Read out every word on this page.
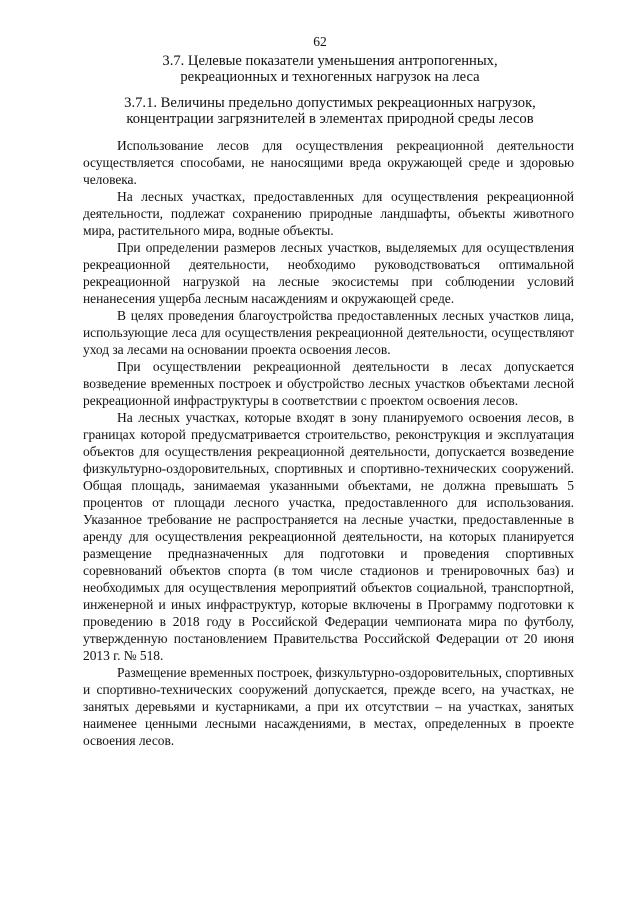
62
3.7. Целевые показатели уменьшения антропогенных,
рекреационных и техногенных нагрузок на леса
3.7.1. Величины предельно допустимых рекреационных нагрузок,
концентрации загрязнителей в элементах природной среды лесов

Использование лесов для осуществления рекреационной деятельности осуществляется способами, не наносящими вреда окружающей среде и здоровью человека.

На лесных участках, предоставленных для осуществления рекреационной деятельности, подлежат сохранению природные ландшафты, объекты животного мира, растительного мира, водные объекты.

При определении размеров лесных участков, выделяемых для осуществления рекреационной деятельности, необходимо руководствоваться оптимальной рекреационной нагрузкой на лесные экосистемы при соблюдении условий ненанесения ущерба лесным насаждениям и окружающей среде.

В целях проведения благоустройства предоставленных лесных участков лица, использующие леса для осуществления рекреационной деятельности, осуществляют уход за лесами на основании проекта освоения лесов.

При осуществлении рекреационной деятельности в лесах допускается возведение временных построек и обустройство лесных участков объектами лесной рекреационной инфраструктуры в соответствии с проектом освоения лесов.

На лесных участках, которые входят в зону планируемого освоения лесов, в границах которой предусматривается строительство, реконструкция и эксплуатация объектов для осуществления рекреационной деятельности, допускается возведение физкультурно-оздоровительных, спортивных и спортивно-технических сооружений. Общая площадь, занимаемая указанными объектами, не должна превышать 5 процентов от площади лесного участка, предоставленного для использования. Указанное требование не распространяется на лесные участки, предоставленные в аренду для осуществления рекреационной деятельности, на которых планируется размещение предназначенных для подготовки и проведения спортивных соревнований объектов спорта (в том числе стадионов и тренировочных баз) и необходимых для осуществления мероприятий объектов социальной, транспортной, инженерной и иных инфраструктур, которые включены в Программу подготовки к проведению в 2018 году в Российской Федерации чемпионата мира по футболу, утвержденную постановлением Правительства Российской Федерации от 20 июня 2013 г. № 518.

Размещение временных построек, физкультурно-оздоровительных, спортивных и спортивно-технических сооружений допускается, прежде всего, на участках, не занятых деревьями и кустарниками, а при их отсутствии – на участках, занятых наименее ценными лесными насаждениями, в местах, определенных в проекте освоения лесов.
